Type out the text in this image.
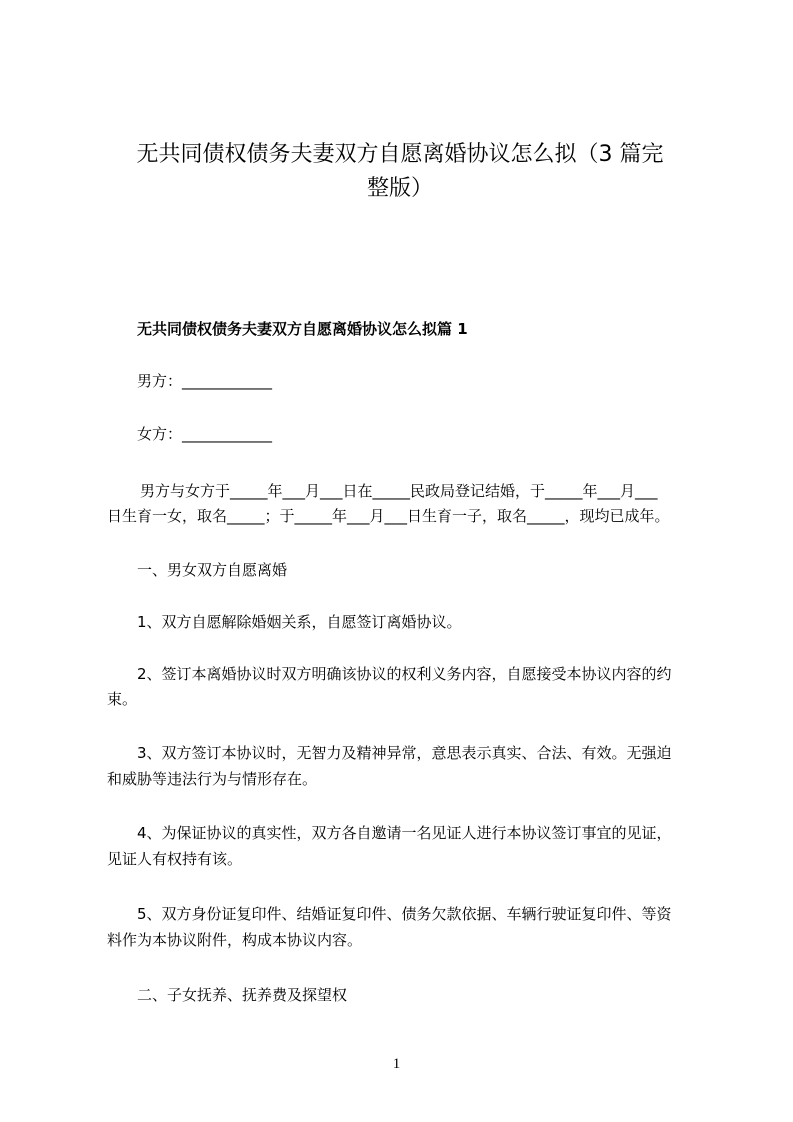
无共同债权债务夫妻双方自愿离婚协议怎么拟（3 篇完
整版）

无共同债权债务夫妻双方自愿离婚协议怎么拟篇 1

男方：____________

女方：____________

男方与女方于_____年___月___日在_____民政局登记结婚，于_____年___月___

日生育一女，取名_____；于_____年___月___日生育一子，取名_____，现均已成年。

一、男女双方自愿离婚

1、双方自愿解除婚姻关系，自愿签订离婚协议。

2、签订本离婚协议时双方明确该协议的权利义务内容，自愿接受本协议内容的约

束。

3、双方签订本协议时，无智力及精神异常，意思表示真实、合法、有效。无强迫

和威胁等违法行为与情形存在。

4、为保证协议的真实性，双方各自邀请一名见证人进行本协议签订事宜的见证，

见证人有权持有该。

5、双方身份证复印件、结婚证复印件、债务欠款依据、车辆行驶证复印件、等资

料作为本协议附件，构成本协议内容。

二、子女抚养、抚养费及探望权

1
